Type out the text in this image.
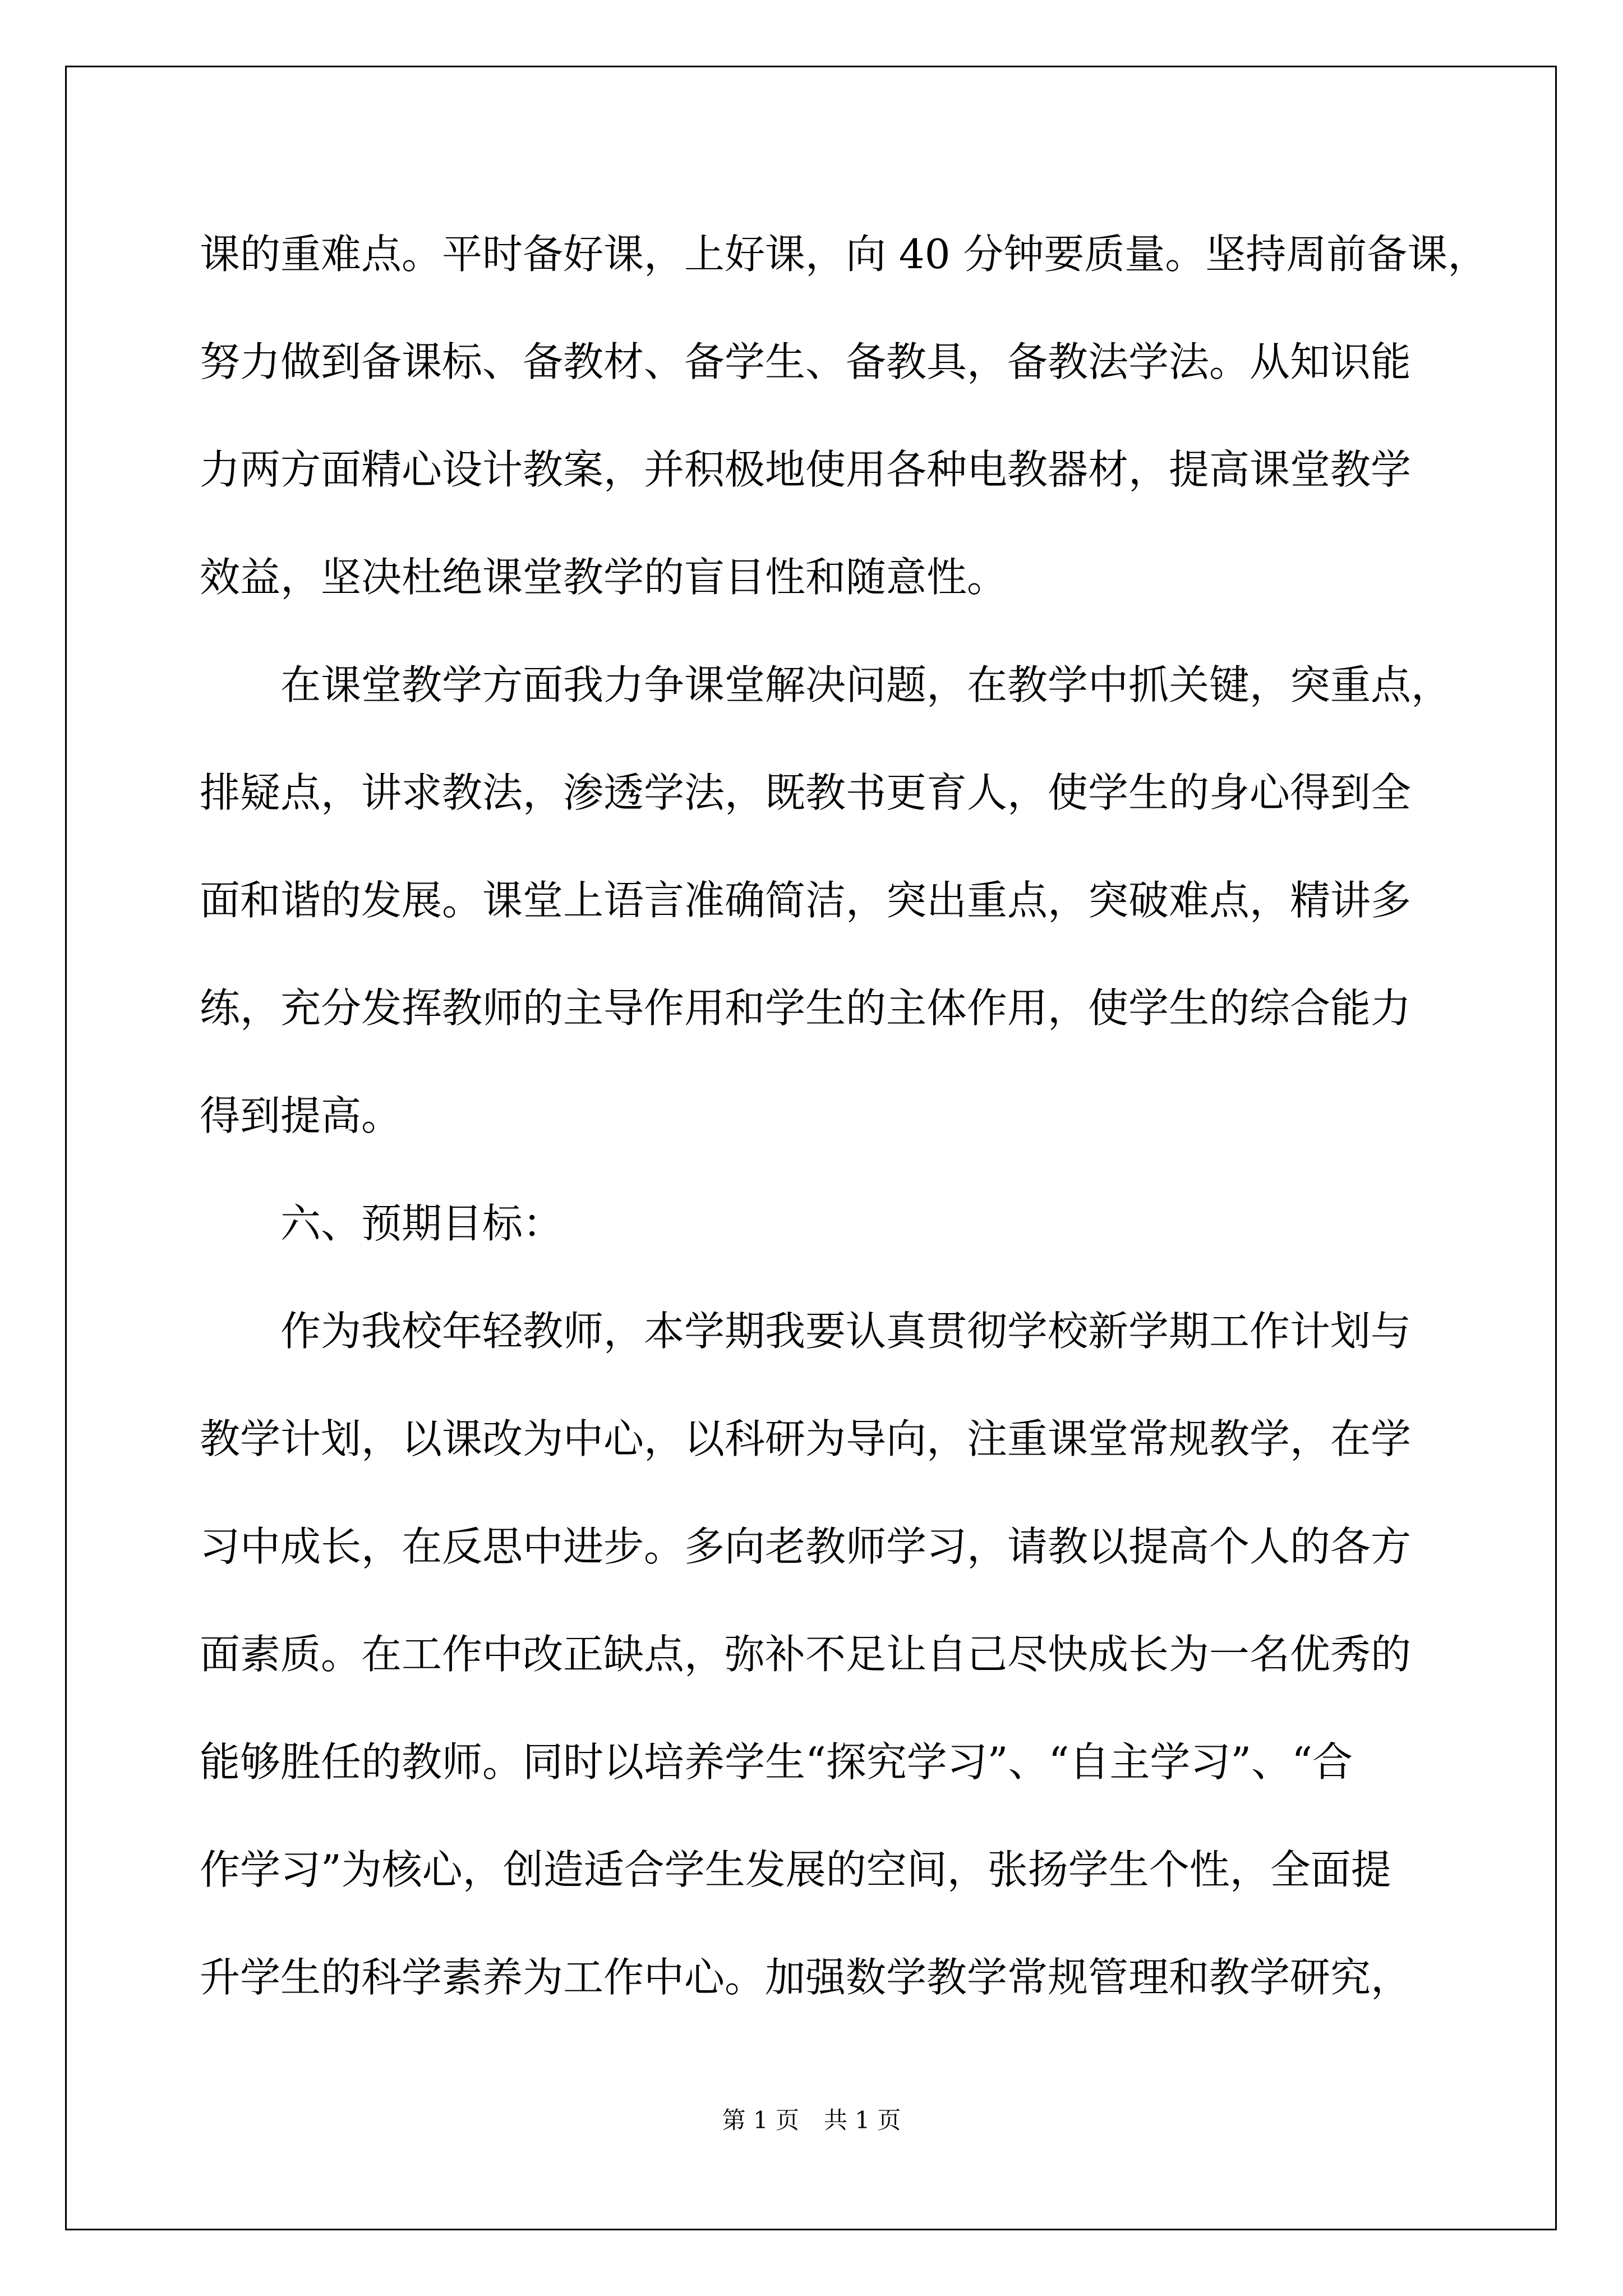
课的重难点。平时备好课，上好课，向 40 分钟要质量。坚持周前备课，
努力做到备课标、备教材、备学生、备教具，备教法学法。从知识能
力两方面精心设计教案，并积极地使用各种电教器材，提高课堂教学
效益，坚决杜绝课堂教学的盲目性和随意性。
在课堂教学方面我力争课堂解决问题，在教学中抓关键，突重点，
排疑点，讲求教法，渗透学法，既教书更育人，使学生的身心得到全
面和谐的发展。课堂上语言准确简洁，突出重点，突破难点，精讲多
练，充分发挥教师的主导作用和学生的主体作用，使学生的综合能力
得到提高。
六、预期目标：
作为我校年轻教师，本学期我要认真贯彻学校新学期工作计划与
教学计划，以课改为中心，以科研为导向，注重课堂常规教学，在学
习中成长，在反思中进步。多向老教师学习，请教以提高个人的各方
面素质。在工作中改正缺点，弥补不足让自己尽快成长为一名优秀的
能够胜任的教师。同时以培养学生“探究学习”、“自主学习”、“合
作学习”为核心，创造适合学生发展的空间，张扬学生个性，全面提
升学生的科学素养为工作中心。加强数学教学常规管理和教学研究，
第 1 页 共 1 页
